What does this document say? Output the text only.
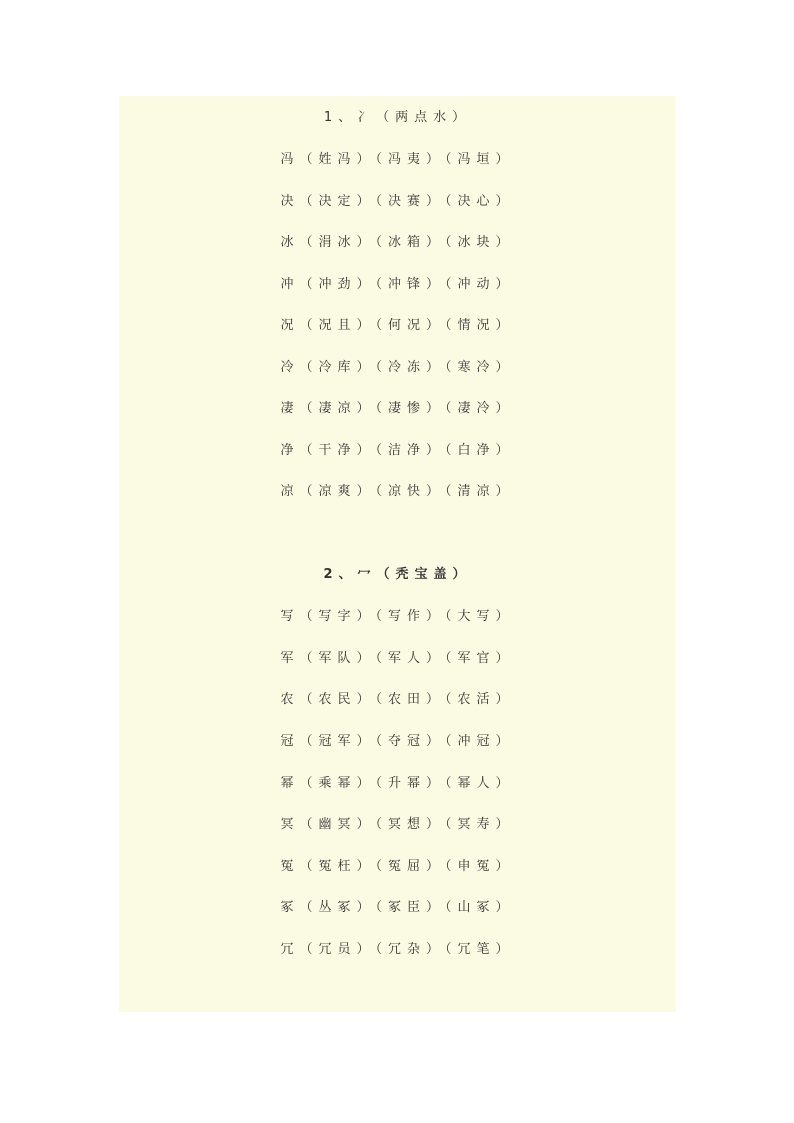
1、冫（两点水）
冯（姓冯）（冯夷）（冯垣）
决（决定）（决赛）（决心）
冰（涓冰）（冰箱）（冰块）
冲（冲劲）（冲锋）（冲动）
况（况且）（何况）（情况）
冷（冷库）（冷冻）（寒冷）
凄（凄凉）（凄惨）（凄冷）
净（干净）（洁净）（白净）
凉（凉爽）（凉快）（清凉）
2、冖（秃宝盖）
写（写字）（写作）（大写）
军（军队）（军人）（军官）
农（农民）（农田）（农活）
冠（冠军）（夺冠）（冲冠）
幂（乘幂）（升幂）（幂人）
冥（幽冥）（冥想）（冥寿）
冤（冤枉）（冤屈）（申冤）
冢（丛冢）（冢臣）（山冢）
冗（冗员）（冗杂）（冗笔）
